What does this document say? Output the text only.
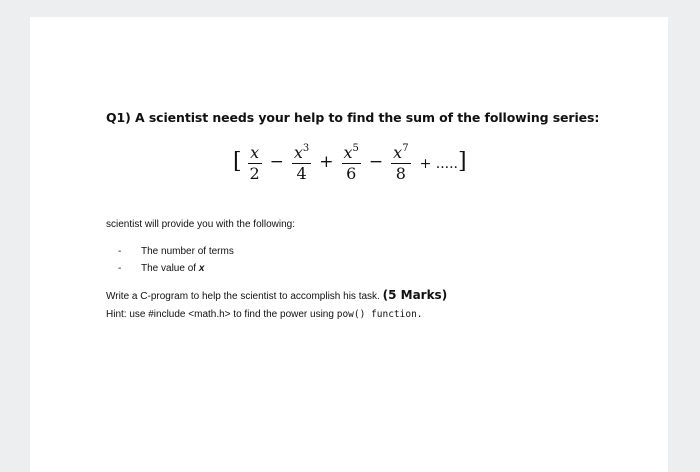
Q1) A scientist needs your help to find the sum of the following series:
[ $\frac{x}{2} - \frac{x^3}{4} + \frac{x^5}{6} - \frac{x^7}{8}$ + .....]
scientist will provide you with the following:
- The number of terms
- The value of x
Write a C-program to help the scientist to accomplish his task. (5 Marks)
Hint: use #include <math.h> to find the power using pow() function.
